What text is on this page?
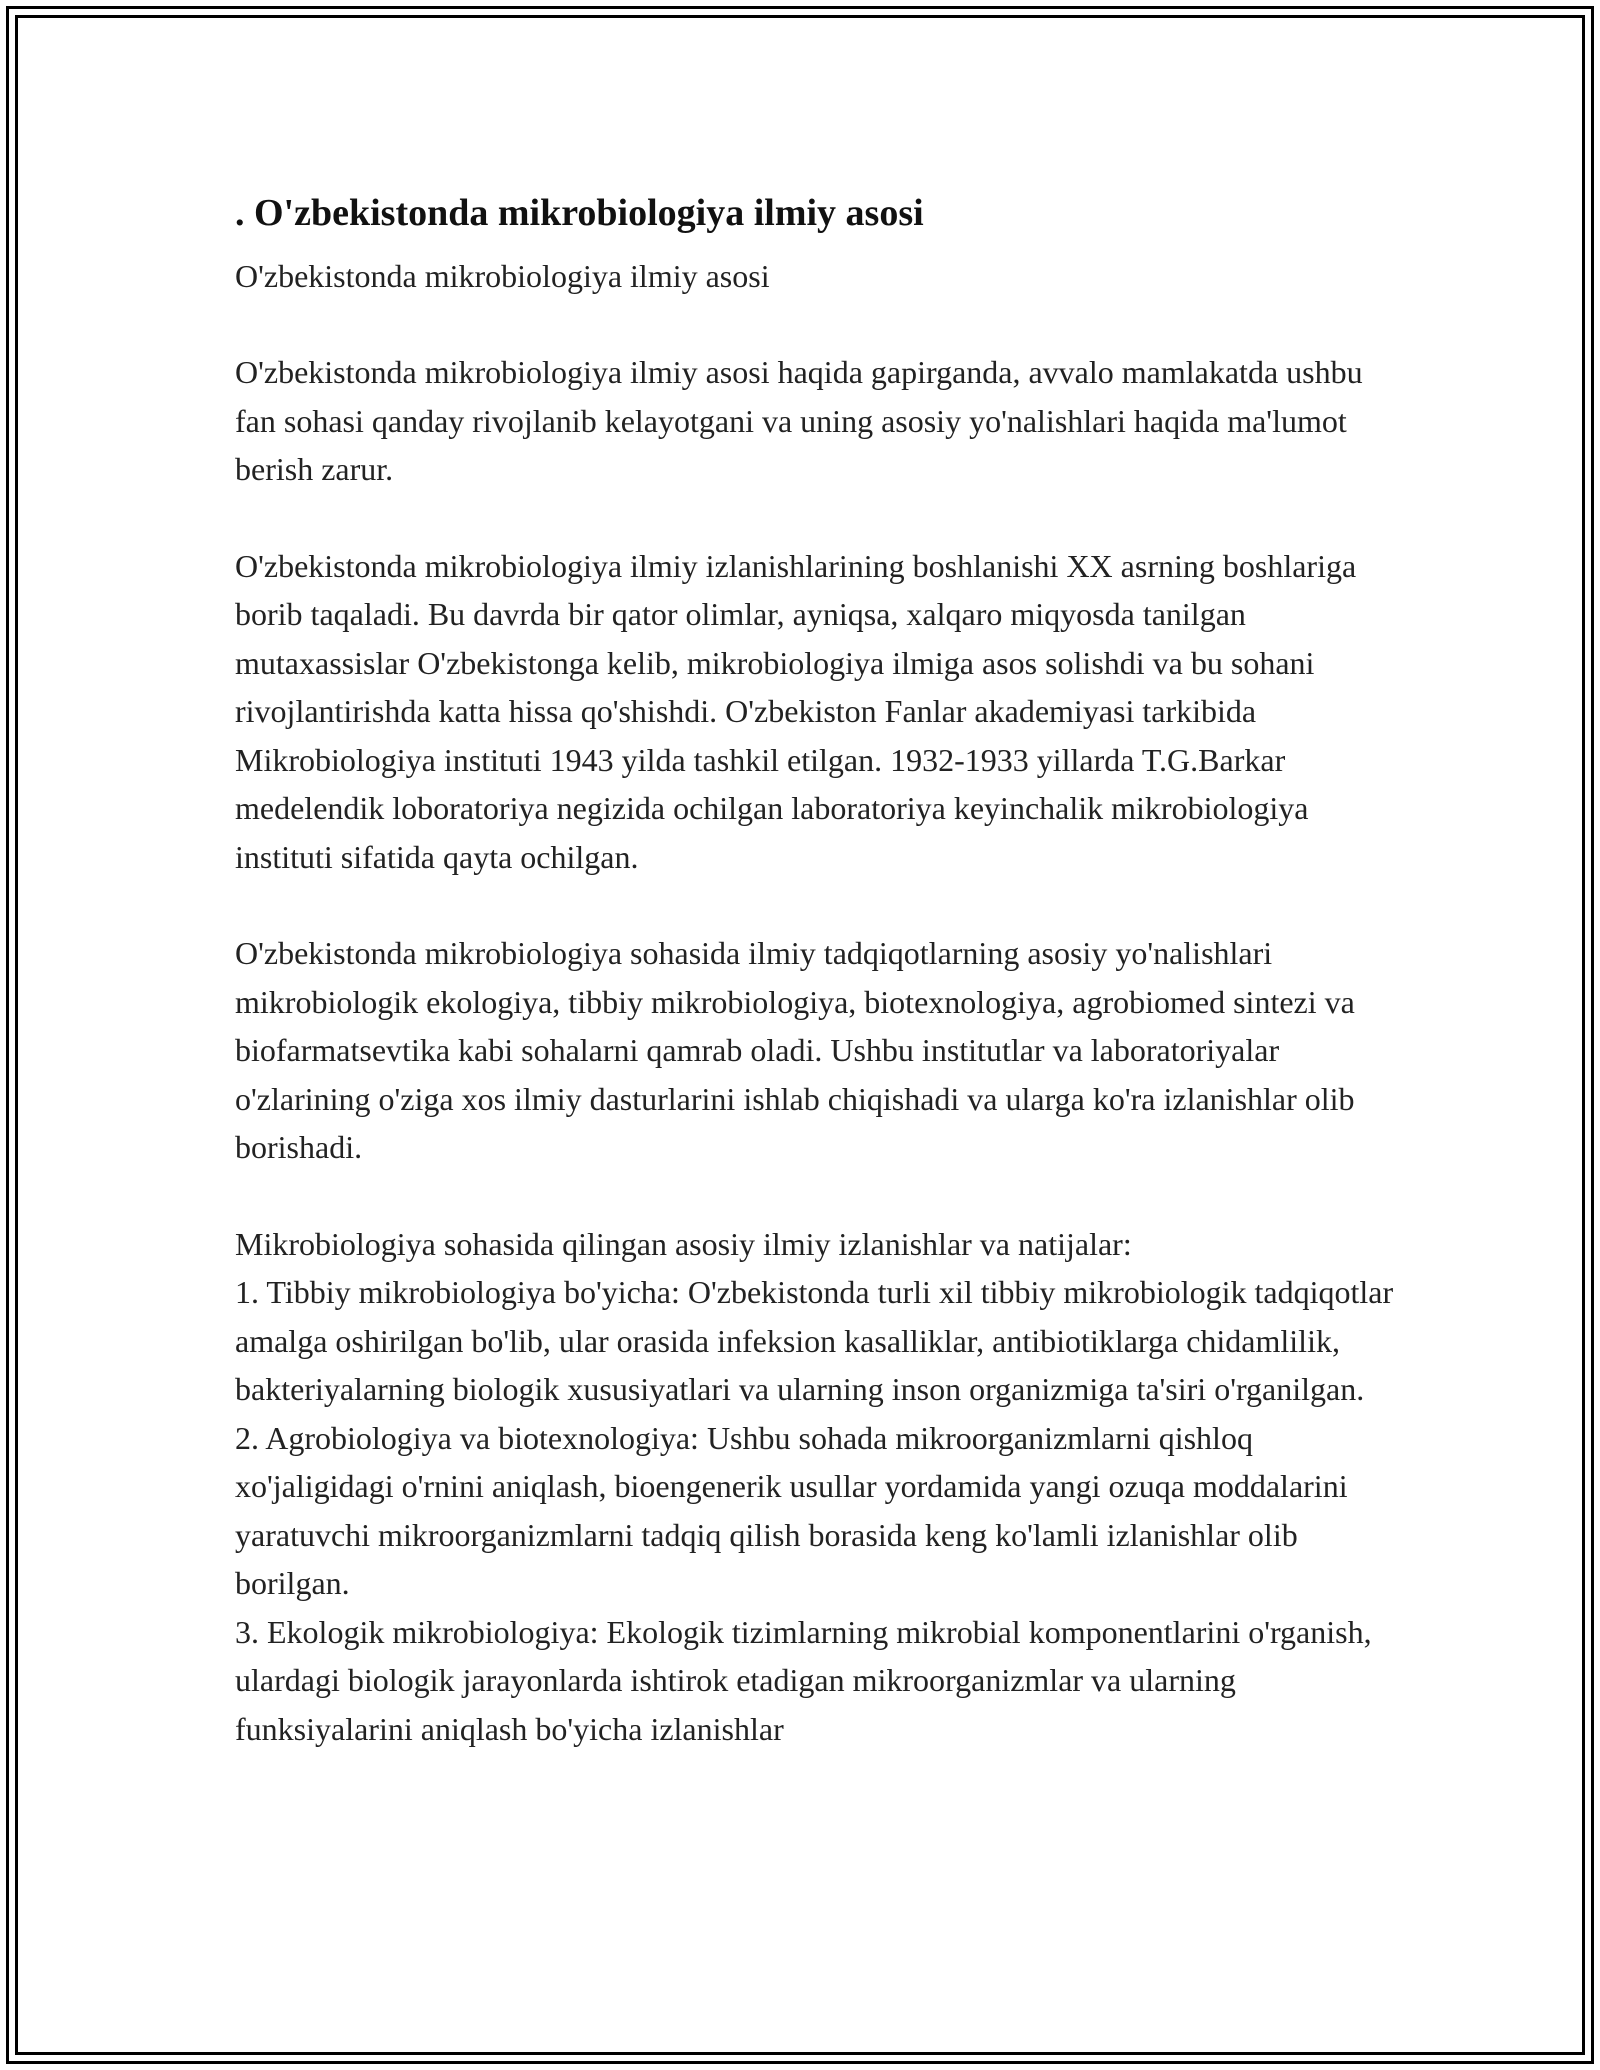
. O'zbekistonda mikrobiologiya ilmiy asosi

O'zbekistonda mikrobiologiya ilmiy asosi

O'zbekistonda mikrobiologiya ilmiy asosi haqida gapirganda, avvalo mamlakatda ushbu fan sohasi qanday rivojlanib kelayotgani va uning asosiy yo'nalishlari haqida ma'lumot berish zarur.

O'zbekistonda mikrobiologiya ilmiy izlanishlarining boshlanishi XX asrning boshlariga borib taqaladi. Bu davrda bir qator olimlar, ayniqsa, xalqaro miqyosda tanilgan mutaxassislar O'zbekistonga kelib, mikrobiologiya ilmiga asos solishdi va bu sohani rivojlantirishda katta hissa qo'shishdi. O'zbekiston Fanlar akademiyasi tarkibida Mikrobiologiya instituti 1943 yilda tashkil etilgan. 1932-1933 yillarda T.G.Barkar medelendik loboratoriya negizida ochilgan laboratoriya keyinchalik mikrobiologiya instituti sifatida qayta ochilgan.

O'zbekistonda mikrobiologiya sohasida ilmiy tadqiqotlarning asosiy yo'nalishlari mikrobiologik ekologiya, tibbiy mikrobiologiya, biotexnologiya, agrobiomed sintezi va biofarmatsevtika kabi sohalarni qamrab oladi. Ushbu institutlar va laboratoriyalar o'zlarining o'ziga xos ilmiy dasturlarini ishlab chiqishadi va ularga ko'ra izlanishlar olib borishadi.

Mikrobiologiya sohasida qilingan asosiy ilmiy izlanishlar va natijalar:
1. Tibbiy mikrobiologiya bo'yicha: O'zbekistonda turli xil tibbiy mikrobiologik tadqiqotlar amalga oshirilgan bo'lib, ular orasida infeksion kasalliklar, antibiotiklarga chidamlilik, bakteriyalarning biologik xususiyatlari va ularning inson organizmiga ta'siri o'rganilgan.
2. Agrobiologiya va biotexnologiya: Ushbu sohada mikroorganizmlarni qishloq xo'jaligidagi o'rnini aniqlash, bioengenerik usullar yordamida yangi ozuqa moddalarini yaratuvchi mikroorganizmlarni tadqiq qilish borasida keng ko'lamli izlanishlar olib borilgan.
3. Ekologik mikrobiologiya: Ekologik tizimlarning mikrobial komponentlarini o'rganish, ulardagi biologik jarayonlarda ishtirok etadigan mikroorganizmlar va ularning funksiyalarini aniqlash bo'yicha izlanishlar
